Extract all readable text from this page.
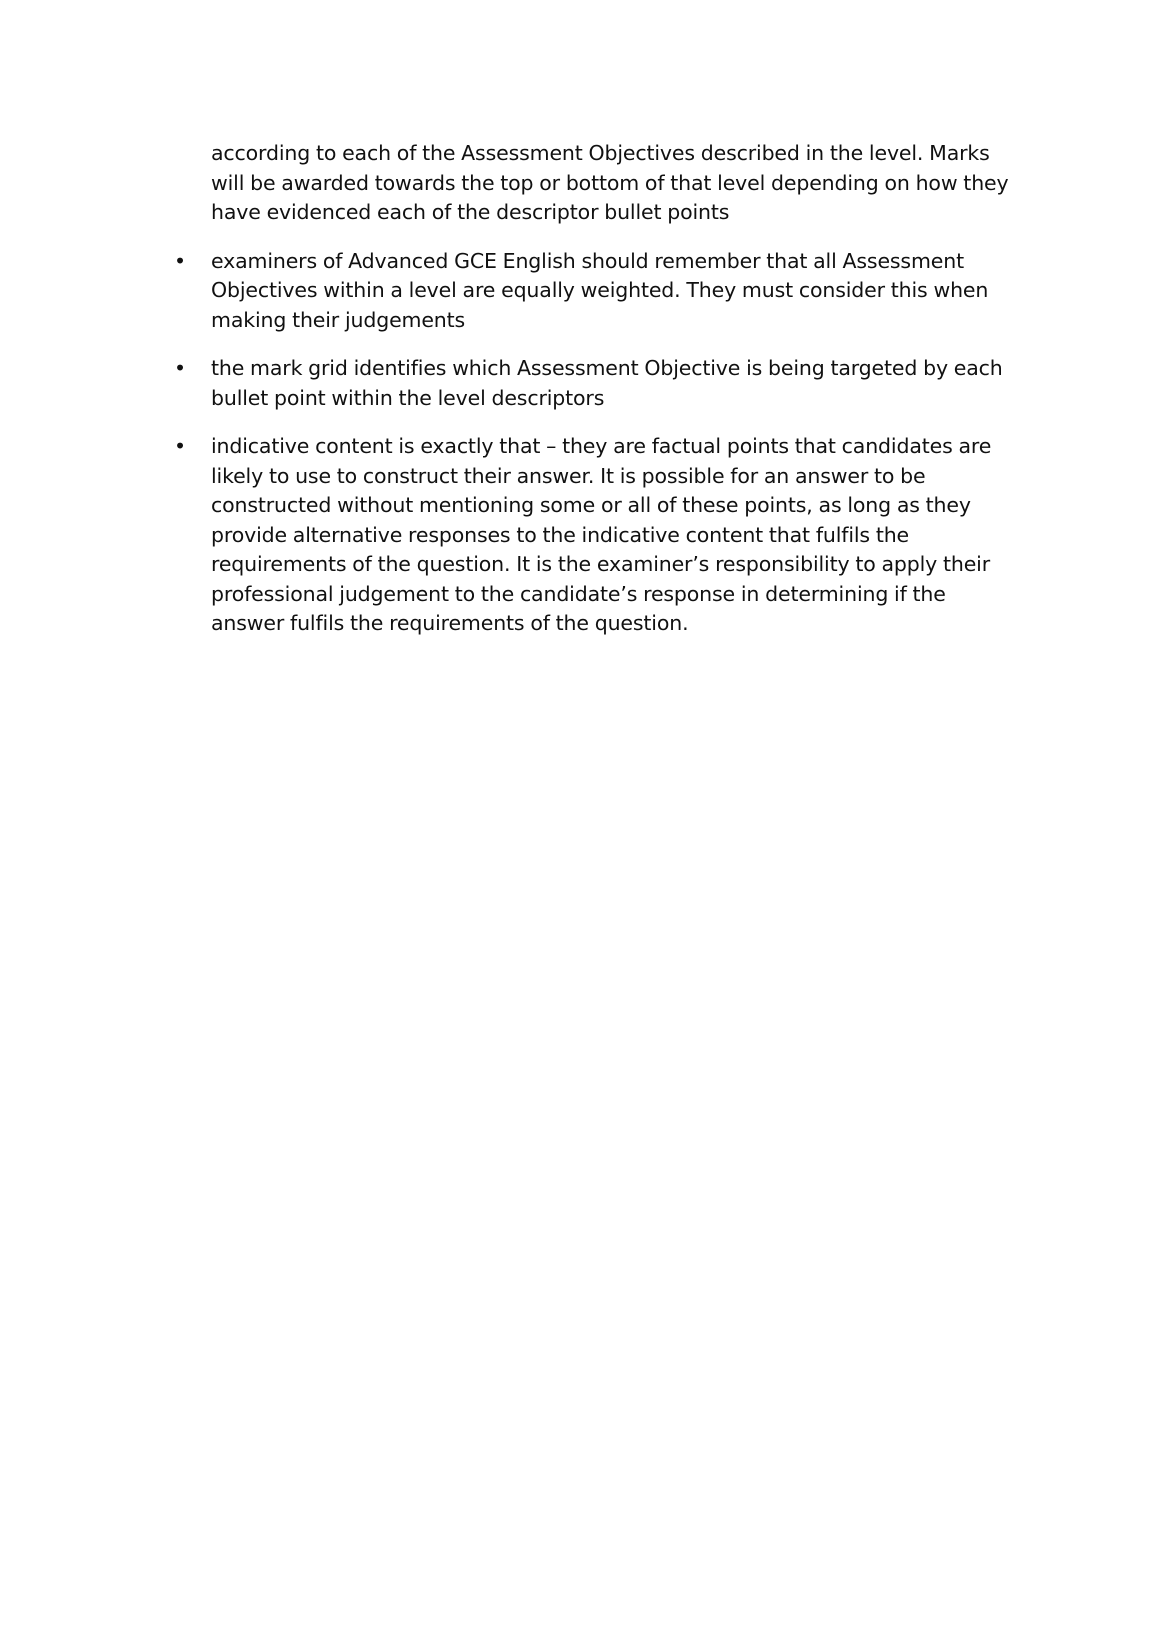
according to each of the Assessment Objectives described in the level. Marks
will be awarded towards the top or bottom of that level depending on how they
have evidenced each of the descriptor bullet points

•	examiners of Advanced GCE English should remember that all Assessment
Objectives within a level are equally weighted. They must consider this when
making their judgements

•	the mark grid identifies which Assessment Objective is being targeted by each
bullet point within the level descriptors

•	indicative content is exactly that – they are factual points that candidates are
likely to use to construct their answer. It is possible for an answer to be
constructed without mentioning some or all of these points, as long as they
provide alternative responses to the indicative content that fulfils the
requirements of the question. It is the examiner’s responsibility to apply their
professional judgement to the candidate’s response in determining if the
answer fulfils the requirements of the question.
